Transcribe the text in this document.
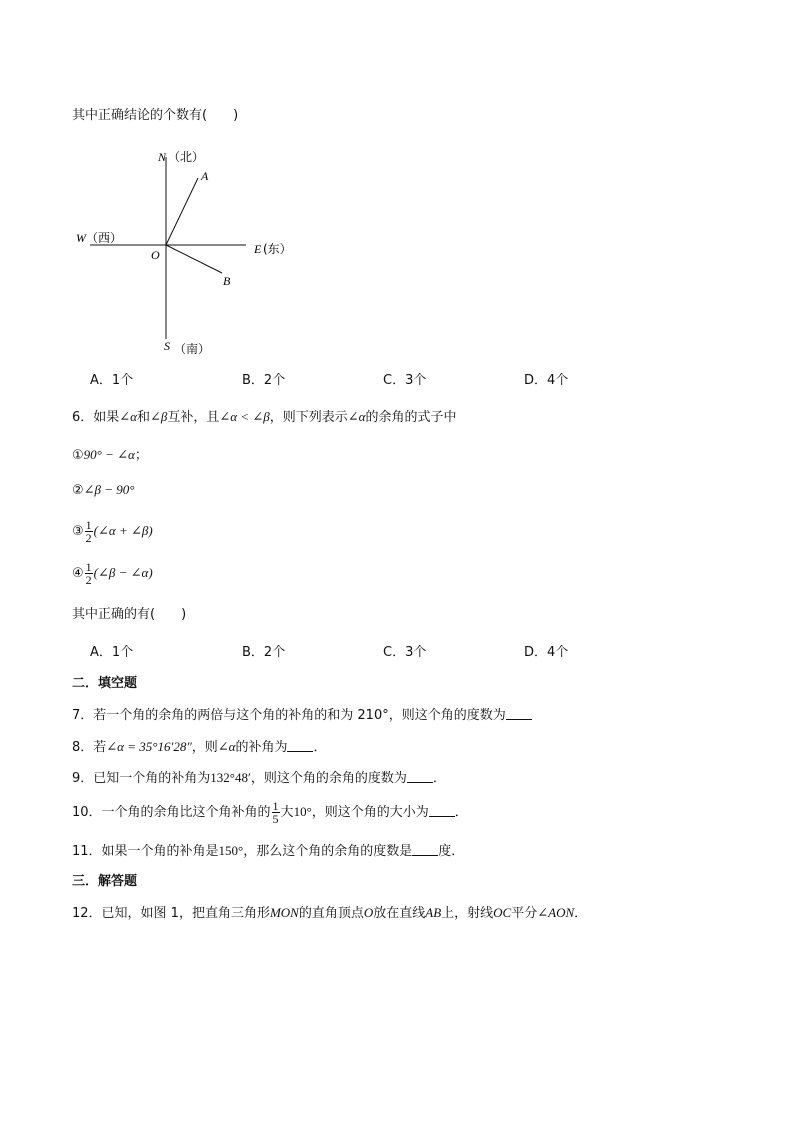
其中正确结论的个数有(　　)
N （北）
A
W （西）
O	E (东）
B
S （南）
A．1个	B．2个	C．3个	D．4个
6．如果∠α和∠β互补，且∠α < ∠β，则下列表示∠α的余角的式子中
①90° − ∠α；
②∠β − 90°
③ $\frac{1}{2}$ (∠α + ∠β)
④ $\frac{1}{2}$ (∠β − ∠α)
其中正确的有(　　)
A．1个	B．2个	C．3个	D．4个
二．填空题
7．若一个角的余角的两倍与这个角的补角的和为 210°，则这个角的度数为
8．若∠α = 35°16′28″，则∠α的补角为 ．
9．已知一个角的补角为132°48′，则这个角的余角的度数为 ．
10．一个角的余角比这个角补角的 $\frac{1}{5}$ 大10°，则这个角的大小为 ．
11．如果一个角的补角是150°，那么这个角的余角的度数是 度．
三．解答题
12．已知，如图 1，把直角三角形MON的直角顶点O放在直线AB上，射线OC平分∠AON．
